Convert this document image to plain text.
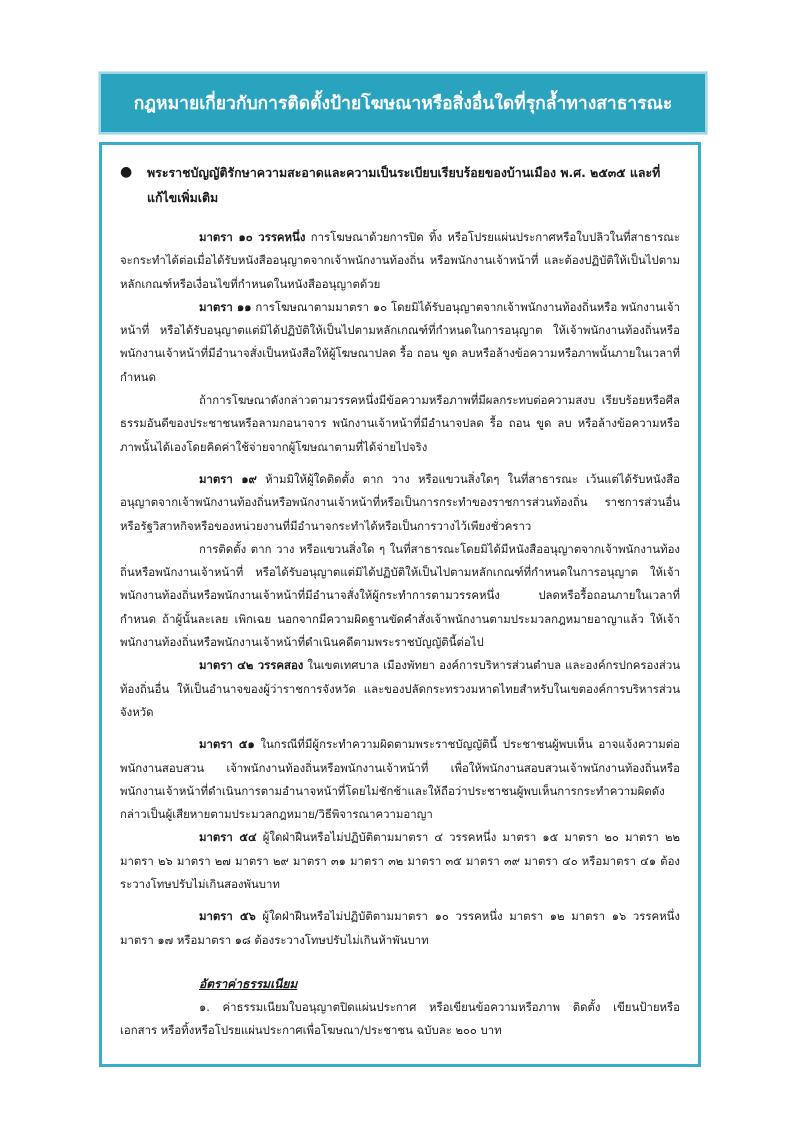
กฎหมายเกี่ยวกับการติดตั้งป้ายโฆษณาหรือสิ่งอื่นใดที่รุกล้ำทางสาธารณะ
●	พระราชบัญญัติรักษาความสะอาดและความเป็นระเบียบเรียบร้อยของบ้านเมือง พ.ศ. ๒๕๓๕ และที่แก้ไขเพิ่มเติม

มาตรา ๑๐ วรรคหนึ่ง การโฆษณาด้วยการปิด ทิ้ง หรือโปรยแผ่นประกาศหรือใบปลิวในที่สาธารณะ จะกระทำได้ต่อเมื่อได้รับหนังสืออนุญาตจากเจ้าพนักงานท้องถิ่น หรือพนักงานเจ้าหน้าที่ และต้องปฏิบัติให้เป็นไปตามหลักเกณฑ์หรือเงื่อนไขที่กำหนดในหนังสืออนุญาตด้วย

มาตรา ๑๑ การโฆษณาตามมาตรา ๑๐ โดยมิได้รับอนุญาตจากเจ้าพนักงานท้องถิ่นหรือ พนักงานเจ้าหน้าที่ หรือได้รับอนุญาตแต่มิได้ปฏิบัติให้เป็นไปตามหลักเกณฑ์ที่กำหนดในการอนุญาต ให้เจ้าพนักงานท้องถิ่นหรือพนักงานเจ้าหน้าที่มีอำนาจสั่งเป็นหนังสือให้ผู้โฆษณาปลด รื้อ ถอน ขูด ลบหรือล้างข้อความหรือภาพนั้นภายในเวลาที่กำหนด

ถ้าการโฆษณาดังกล่าวตามวรรคหนึ่งมีข้อความหรือภาพที่มีผลกระทบต่อความสงบ เรียบร้อยหรือศีลธรรมอันดีของประชาชนหรือลามกอนาจาร พนักงานเจ้าหน้าที่มีอำนาจปลด รื้อ ถอน ขูด ลบ หรือล้างข้อความหรือภาพนั้นได้เองโดยคิดค่าใช้จ่ายจากผู้โฆษณาตามที่ได้จ่ายไปจริง

มาตรา ๑๙ ห้ามมิให้ผู้ใดติดตั้ง ตาก วาง หรือแขวนสิ่งใดๆ ในที่สาธารณะ เว้นแต่ได้รับหนังสืออนุญาตจากเจ้าพนักงานท้องถิ่นหรือพนักงานเจ้าหน้าที่หรือเป็นการกระทำของราชการส่วนท้องถิ่น ราชการส่วนอื่นหรือรัฐวิสาหกิจหรือของหน่วยงานที่มีอำนาจกระทำได้หรือเป็นการวางไว้เพียงชั่วคราว

การติดตั้ง ตาก วาง หรือแขวนสิ่งใด ๆ ในที่สาธารณะโดยมิได้มีหนังสืออนุญาตจากเจ้าพนักงานท้องถิ่นหรือพนักงานเจ้าหน้าที่ หรือได้รับอนุญาตแต่มิได้ปฏิบัติให้เป็นไปตามหลักเกณฑ์ที่กำหนดในการอนุญาต ให้เจ้าพนักงานท้องถิ่นหรือพนักงานเจ้าหน้าที่มีอำนาจสั่งให้ผู้กระทำการตามวรรคหนึ่ง ปลดหรือรื้อถอนภายในเวลาที่กำหนด ถ้าผู้นั้นละเลย เพิกเฉย นอกจากมีความผิดฐานขัดคำสั่งเจ้าพนักงานตามประมวลกฎหมายอาญาแล้ว ให้เจ้าพนักงานท้องถิ่นหรือพนักงานเจ้าหน้าที่ดำเนินคดีตามพระราชบัญญัตินี้ต่อไป

มาตรา ๔๒ วรรคสอง ในเขตเทศบาล เมืองพัทยา องค์การบริหารส่วนตำบล และองค์กรปกครองส่วนท้องถิ่นอื่น ให้เป็นอำนาจของผู้ว่าราชการจังหวัด และของปลัดกระทรวงมหาดไทยสำหรับในเขตองค์การบริหารส่วนจังหวัด

มาตรา ๕๑ ในกรณีที่มีผู้กระทำความผิดตามพระราชบัญญัตินี้ ประชาชนผู้พบเห็น อาจแจ้งความต่อพนักงานสอบสวน เจ้าพนักงานท้องถิ่นหรือพนักงานเจ้าหน้าที่ เพื่อให้พนักงานสอบสวนเจ้าพนักงานท้องถิ่นหรือพนักงานเจ้าหน้าที่ดำเนินการตามอำนาจหน้าที่โดยไม่ชักช้าและให้ถือว่าประชาชนผู้พบเห็นการกระทำความผิดดังกล่าวเป็นผู้เสียหายตามประมวลกฎหมาย/วิธีพิจารณาความอาญา

มาตรา ๕๔ ผู้ใดฝ่าฝืนหรือไม่ปฏิบัติตามมาตรา ๔ วรรคหนึ่ง มาตรา ๑๕ มาตรา ๒๐ มาตรา ๒๒ มาตรา ๒๖ มาตรา ๒๗ มาตรา ๒๙ มาตรา ๓๑ มาตรา ๓๒ มาตรา ๓๕ มาตรา ๓๙ มาตรา ๔๐ หรือมาตรา ๔๑ ต้องระวางโทษปรับไม่เกินสองพันบาท

มาตรา ๕๖ ผู้ใดฝ่าฝืนหรือไม่ปฏิบัติตามมาตรา ๑๐ วรรคหนึ่ง มาตรา ๑๒ มาตรา ๑๖ วรรคหนึ่ง มาตรา ๑๗ หรือมาตรา ๑๘ ต้องระวางโทษปรับไม่เกินห้าพันบาท

อัตราค่าธรรมเนียม

๑. ค่าธรรมเนียมใบอนุญาตปิดแผ่นประกาศ หรือเขียนข้อความหรือภาพ ติดตั้ง เขียนป้ายหรือเอกสาร หรือทิ้งหรือโปรยแผ่นประกาศเพื่อโฆษณา/ประชาชน ฉบับละ ๒๐๐ บาท
